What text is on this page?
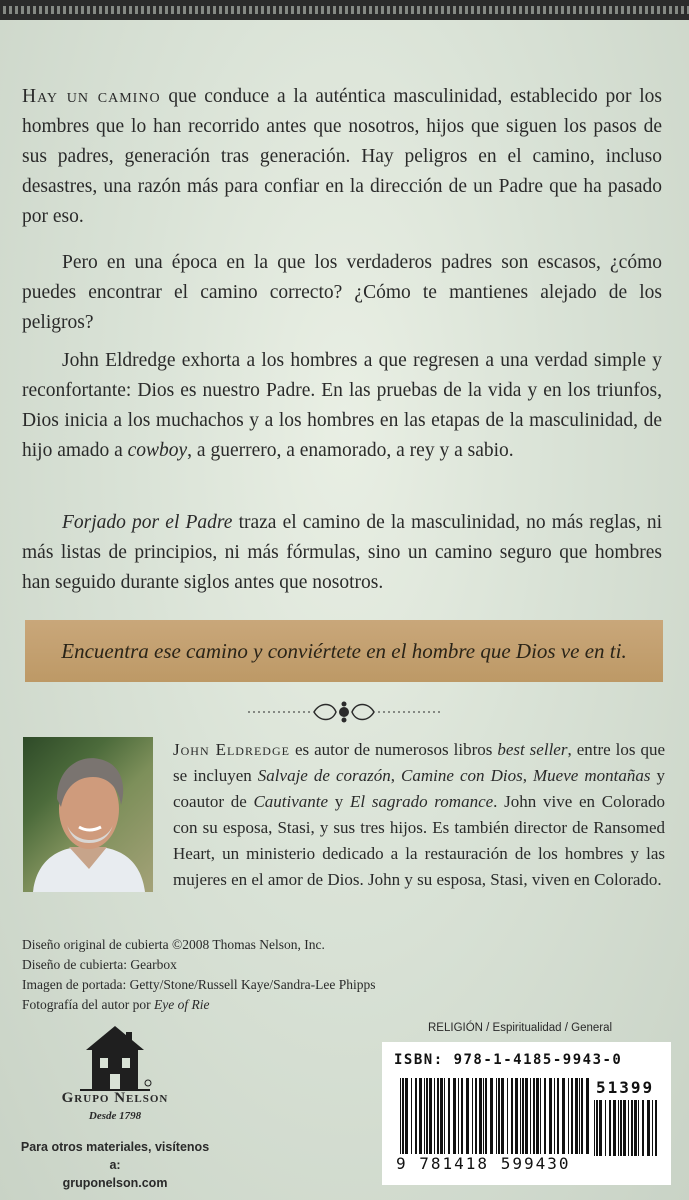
Hay un camino que conduce a la auténtica masculinidad, establecido por los hombres que lo han recorrido antes que nosotros, hijos que siguen los pasos de sus padres, generación tras generación. Hay peligros en el camino, incluso desastres, una razón más para confiar en la dirección de un Padre que ha pasado por eso.
Pero en una época en la que los verdaderos padres son escasos, ¿cómo puedes encontrar el camino correcto? ¿Cómo te mantienes alejado de los peligros?
John Eldredge exhorta a los hombres a que regresen a una verdad simple y reconfortante: Dios es nuestro Padre. En las pruebas de la vida y en los triunfos, Dios inicia a los muchachos y a los hombres en las etapas de la masculinidad, de hijo amado a cowboy, a guerrero, a enamorado, a rey y a sabio.
Forjado por el Padre traza el camino de la masculinidad, no más reglas, ni más listas de principios, ni más fórmulas, sino un camino seguro que hombres han seguido durante siglos antes que nosotros.
Encuentra ese camino y conviértete en el hombre que Dios ve en ti.
John Eldredge es autor de numerosos libros best seller, entre los que se incluyen Salvaje de corazón, Camine con Dios, Mueve montañas y coautor de Cautivante y El sagrado romance. John vive en Colorado con su esposa, Stasi, y sus tres hijos. Es también director de Ransomed Heart, un ministerio dedicado a la restauración de los hombres y las mujeres en el amor de Dios. John y su esposa, Stasi, viven en Colorado.
Diseño original de cubierta ©2008 Thomas Nelson, Inc.
Diseño de cubierta: Gearbox
Imagen de portada: Getty/Stone/Russell Kaye/Sandra-Lee Phipps
Fotografía del autor por Eye of Rie
Grupo Nelson
Desde 1798
Para otros materiales, visítenos a:
gruponelson.com
RELIGIÓN / Espiritualidad / General
ISBN: 978-1-4185-9943-0
51399
9 781418 599430
